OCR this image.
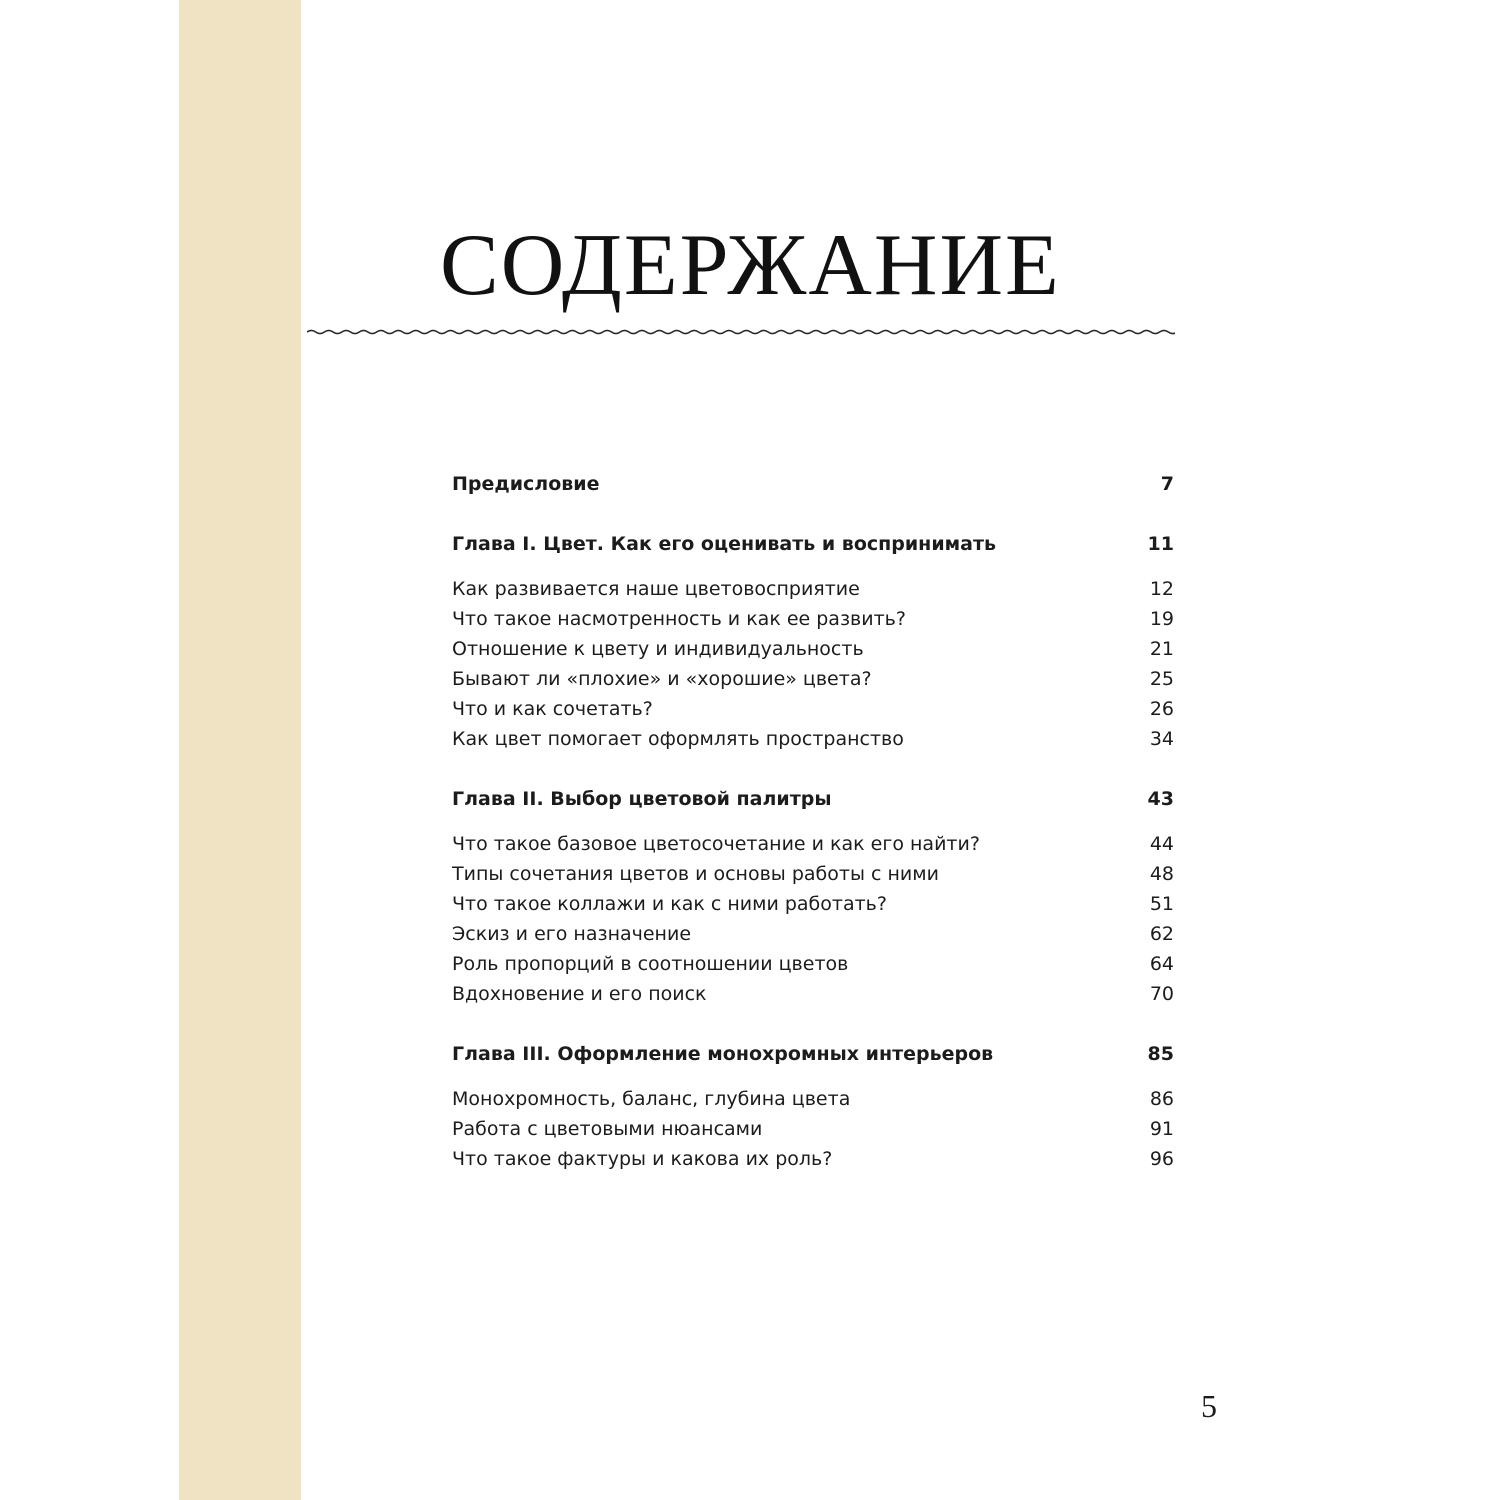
СОДЕРЖАНИЕ
Предисловие	7
Глава I. Цвет. Как его оценивать и воспринимать	11
Как развивается наше цветовосприятие	12
Что такое насмотренность и как ее развить?	19
Отношение к цвету и индивидуальность	21
Бывают ли «плохие» и «хорошие» цвета?	25
Что и как сочетать?	26
Как цвет помогает оформлять пространство	34
Глава II. Выбор цветовой палитры	43
Что такое базовое цветосочетание и как его найти?	44
Типы сочетания цветов и основы работы с ними	48
Что такое коллажи и как с ними работать?	51
Эскиз и его назначение	62
Роль пропорций в соотношении цветов	64
Вдохновение и его поиск	70
Глава III. Оформление монохромных интерьеров	85
Монохромность, баланс, глубина цвета	86
Работа с цветовыми нюансами	91
Что такое фактуры и какова их роль?	96
5
